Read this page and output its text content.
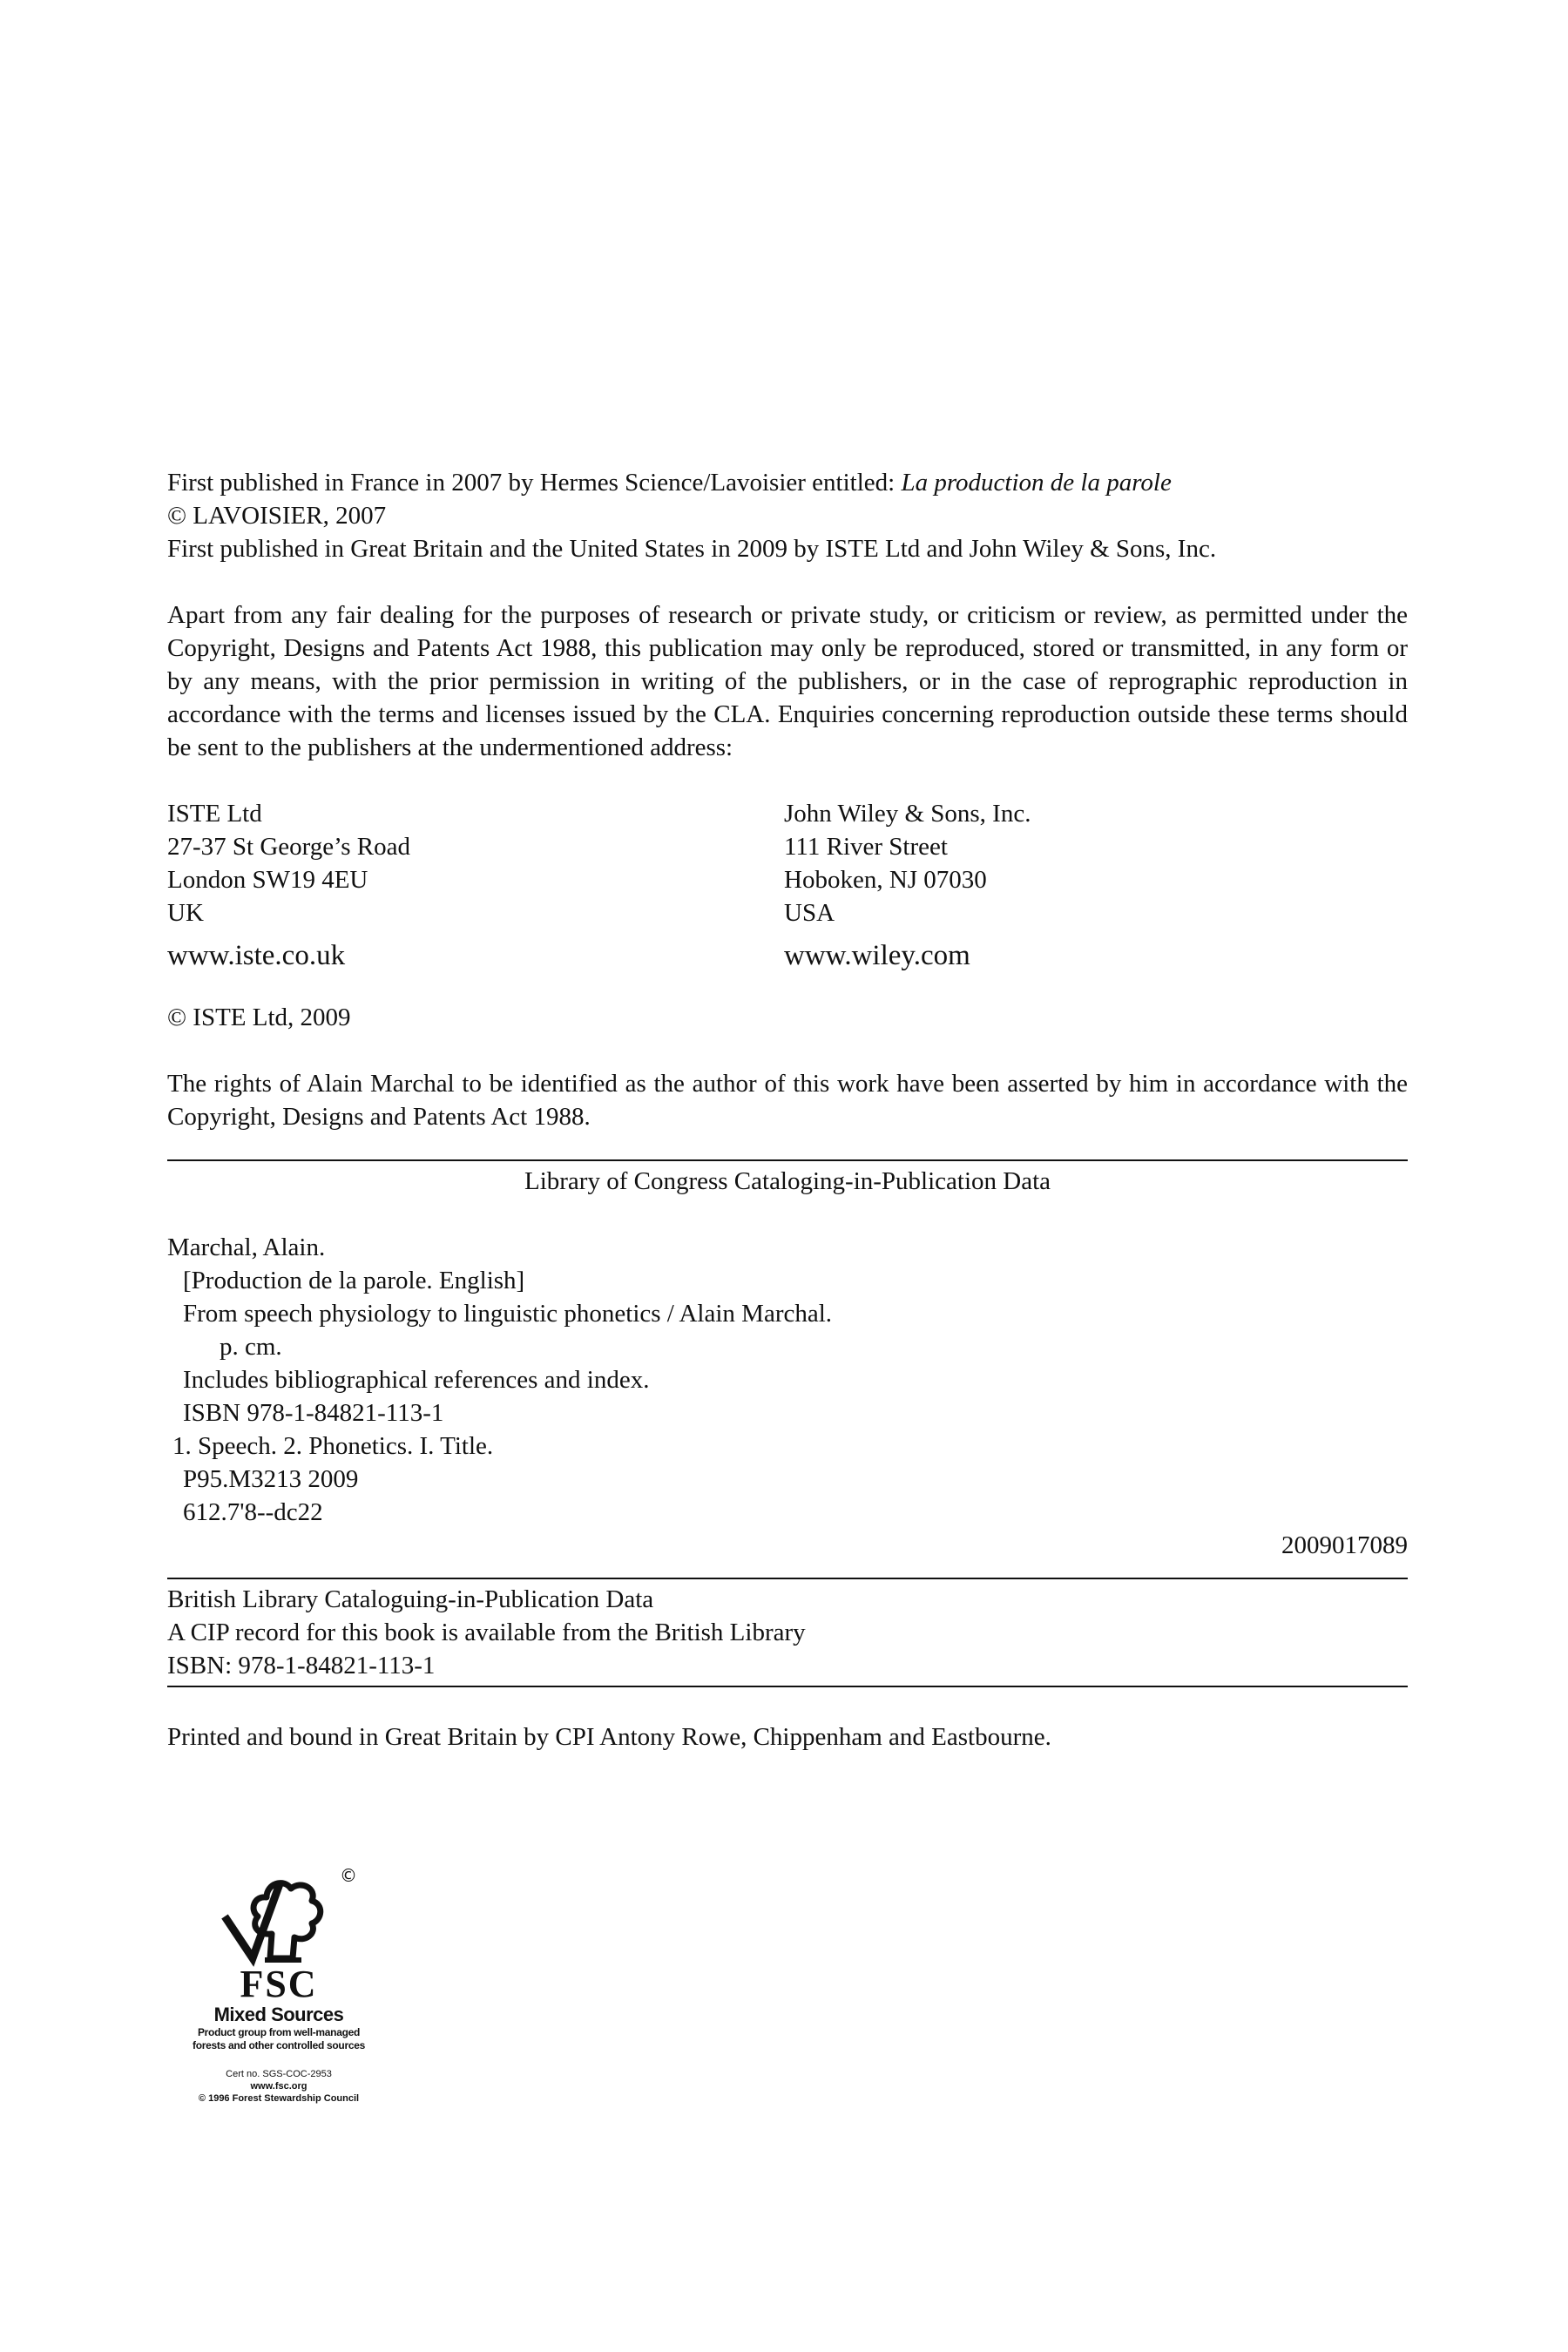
First published in France in 2007 by Hermes Science/Lavoisier entitled: La production de la parole

© LAVOISIER, 2007

First published in Great Britain and the United States in 2009 by ISTE Ltd and John Wiley & Sons, Inc.

Apart from any fair dealing for the purposes of research or private study, or criticism or review, as permitted under the Copyright, Designs and Patents Act 1988, this publication may only be reproduced, stored or transmitted, in any form or by any means, with the prior permission in writing of the publishers, or in the case of reprographic reproduction in accordance with the terms and licenses issued by the CLA. Enquiries concerning reproduction outside these terms should be sent to the publishers at the undermentioned address:

ISTE Ltd
27-37 St George’s Road
London SW19 4EU
UK
www.iste.co.uk
John Wiley & Sons, Inc.
111 River Street
Hoboken, NJ 07030
USA
www.wiley.com

© ISTE Ltd, 2009

The rights of Alain Marchal to be identified as the author of this work have been asserted by him in accordance with the Copyright, Designs and Patents Act 1988.

Library of Congress Cataloging-in-Publication Data

Marchal, Alain.
[Production de la parole. English]
From speech physiology to linguistic phonetics / Alain Marchal.
p. cm.
Includes bibliographical references and index.
ISBN 978-1-84821-113-1
1. Speech. 2. Phonetics. I. Title.
P95.M3213 2009
612.7'8--dc22
2009017089
British Library Cataloguing-in-Publication Data
A CIP record for this book is available from the British Library
ISBN: 978-1-84821-113-1

Printed and bound in Great Britain by CPI Antony Rowe, Chippenham and Eastbourne.

©
FSC
Mixed Sources
Product group from well-managed
forests and other controlled sources
Cert no. SGS-COC-2953
www.fsc.org
© 1996 Forest Stewardship Council
